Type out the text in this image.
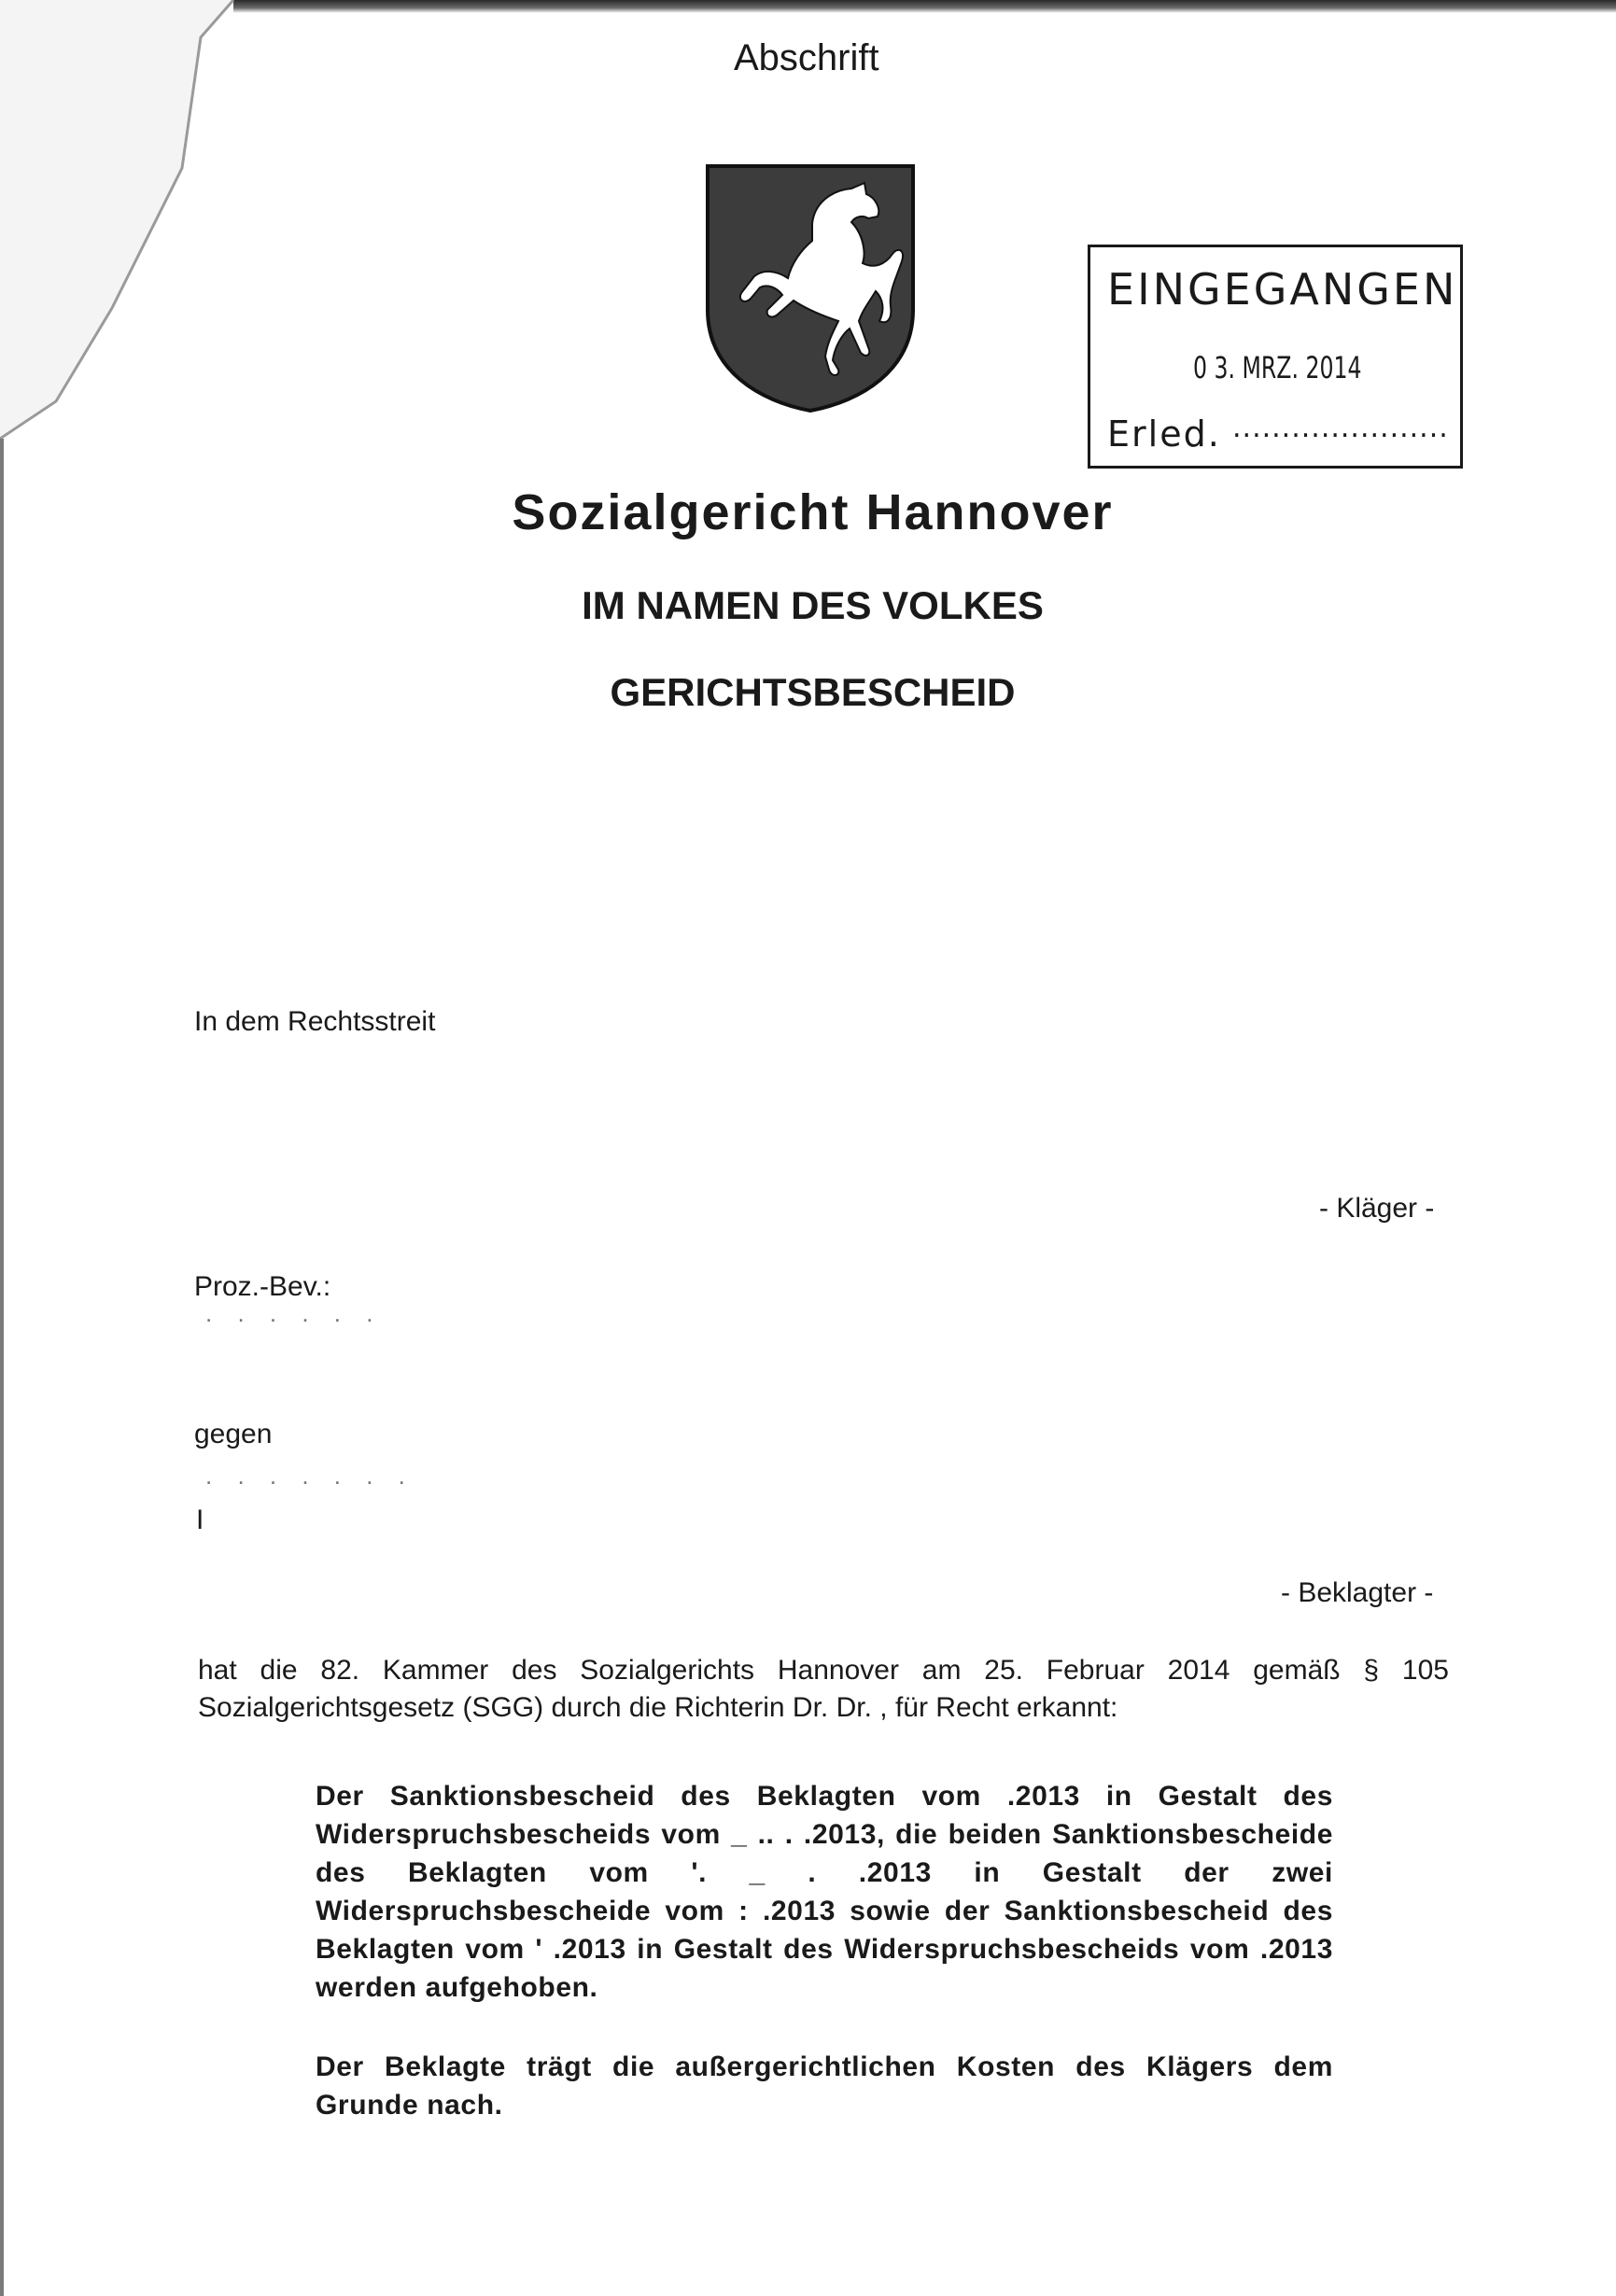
Abschrift
EINGEGANGEN
0 3. MRZ. 2014
Erled. ......................
Sozialgericht Hannover
IM NAMEN DES VOLKES
GERICHTSBESCHEID
In dem Rechtsstreit
- Kläger -
Proz.-Bev.:
. . . . . .
gegen
. . . . . . .
I
- Beklagter -
hat die 82. Kammer des Sozialgerichts Hannover am 25. Februar 2014 gemäß § 105 Sozialgerichtsgesetz (SGG) durch die Richterin Dr. Dr. , für Recht erkannt:
Der Sanktionsbescheid des Beklagten vom .2013 in Gestalt des Widerspruchsbescheids vom _ .. . .2013, die beiden Sanktionsbescheide des Beklagten vom '. _ . .2013 in Gestalt der zwei Widerspruchsbescheide vom : .2013 sowie der Sanktionsbescheid des Beklagten vom ' .2013 in Gestalt des Widerspruchsbescheids vom .2013 werden aufgehoben.
Der Beklagte trägt die außergerichtlichen Kosten des Klägers dem Grunde nach.
